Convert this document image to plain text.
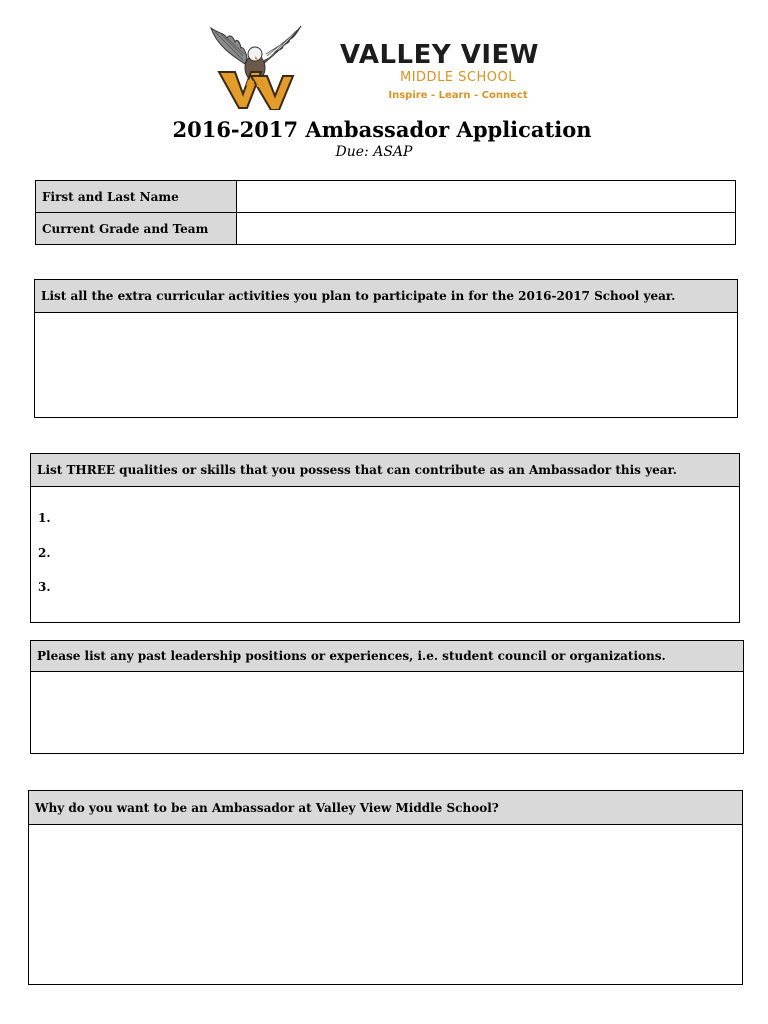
VALLEY VIEW
MIDDLE SCHOOL
Inspire - Learn - Connect
2016-2017 Ambassador Application
Due: ASAP
First and Last Name	
Current Grade and Team	
List all the extra curricular activities you plan to participate in for the 2016-2017 School year.
List THREE qualities or skills that you possess that can contribute as an Ambassador this year.
1.
2.
3.
Please list any past leadership positions or experiences, i.e. student council or organizations.
Why do you want to be an Ambassador at Valley View Middle School?
